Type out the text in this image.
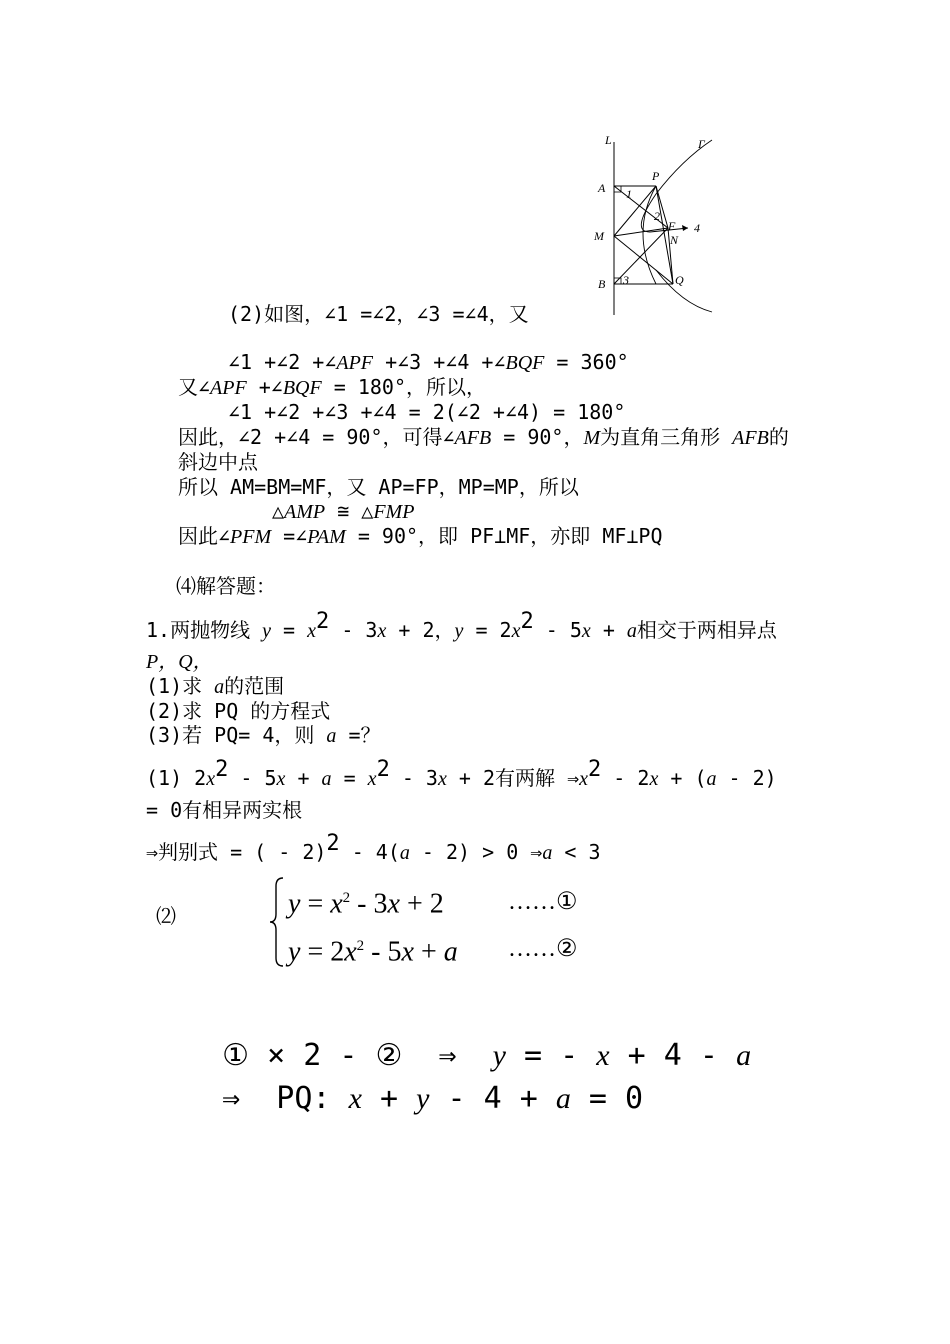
L	Γ
A
P
1
2
M
F
N
4
B 3	Q
(2)如图，∠1 =∠2，∠3 =∠4，又
∠1 +∠2 +∠APF +∠3 +∠4 +∠BQF = 360°
又∠APF +∠BQF = 180°，所以，
∠1 +∠2 +∠3 +∠4 = 2(∠2 +∠4) = 180°
因此，∠2 +∠4 = 90°，可得∠AFB = 90°，M为直角三角形 AFB的
斜边中点
所以 AM=BM=MF，又 AP=FP，MP=MP，所以
△AMP ≅ △FMP
因此∠PFM =∠PAM = 90°，即 PF⊥MF，亦即 MF⊥PQ
⑷解答题：
1.两抛物线 y = x2 - 3x + 2，y = 2x2 - 5x + a相交于两相异点
P，Q，
(1)求 a的范围
(2)求 PQ 的方程式
(3)若 PQ= 4，则 a =？
(1) 2x2 - 5x + a = x2 - 3x + 2有两解 ⇒x2 - 2x + (a - 2)
= 0有相异两实根
⇒判别式 = ( - 2)2 - 4(a - 2) > 0 ⇒a < 3
⑵	$y = x^2 - 3x + 2$	……①
$y = 2x^2 - 5x + a$ ……②

① × 2 - ②  ⇒  y = - x + 4 - a

⇒  PQ: x + y - 4 + a = 0
